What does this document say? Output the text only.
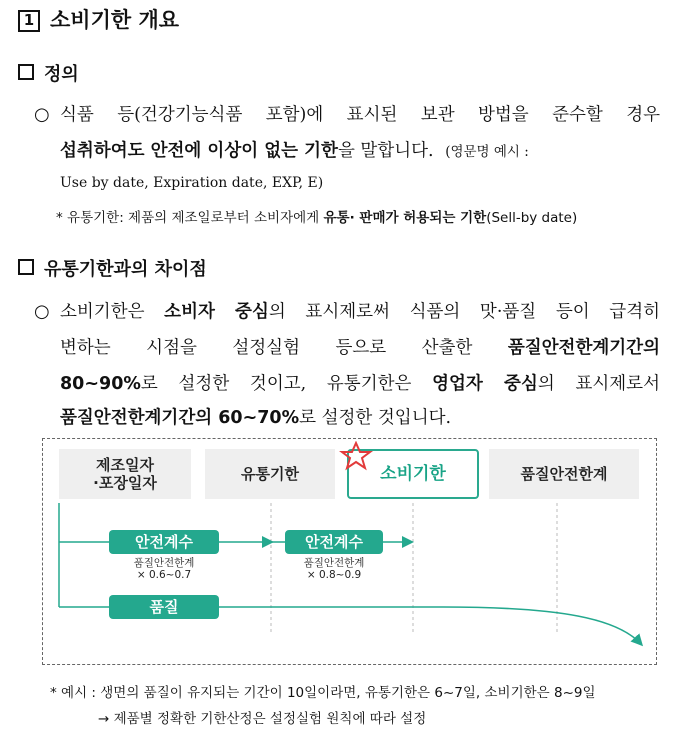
1 소비기한 개요
정의
○ 식품 등(건강기능식품 포함)에 표시된 보관 방법을 준수할 경우
섭취하여도 안전에 이상이 없는 기한을 말합니다. (영문명 예시 :
Use by date, Expiration date, EXP, E)
* 유통기한: 제품의 제조일로부터 소비자에게 유통· 판매가 허용되는 기한(Sell-by date)
유통기한과의 차이점
○ 소비기한은 소비자 중심의 표시제로써 식품의 맛·품질 등이 급격히
변하는 시점을 설정실험 등으로 산출한 품질안전한계기간의
80~90%로 설정한 것이고, 유통기한은 영업자 중심의 표시제로서
품질안전한계기간의 60~70%로 설정한 것입니다.
제조일자
·포장일자	유통기한	소비기한	품질안전한계
안전계수
품질안전한계
× 0.6~0.7
안전계수
품질안전한계
× 0.8~0.9
품질
* 예시 : 생면의 품질이 유지되는 기간이 10일이라면, 유통기한은 6~7일, 소비기한은 8~9일
→ 제품별 정확한 기한산정은 설정실험 원칙에 따라 설정
